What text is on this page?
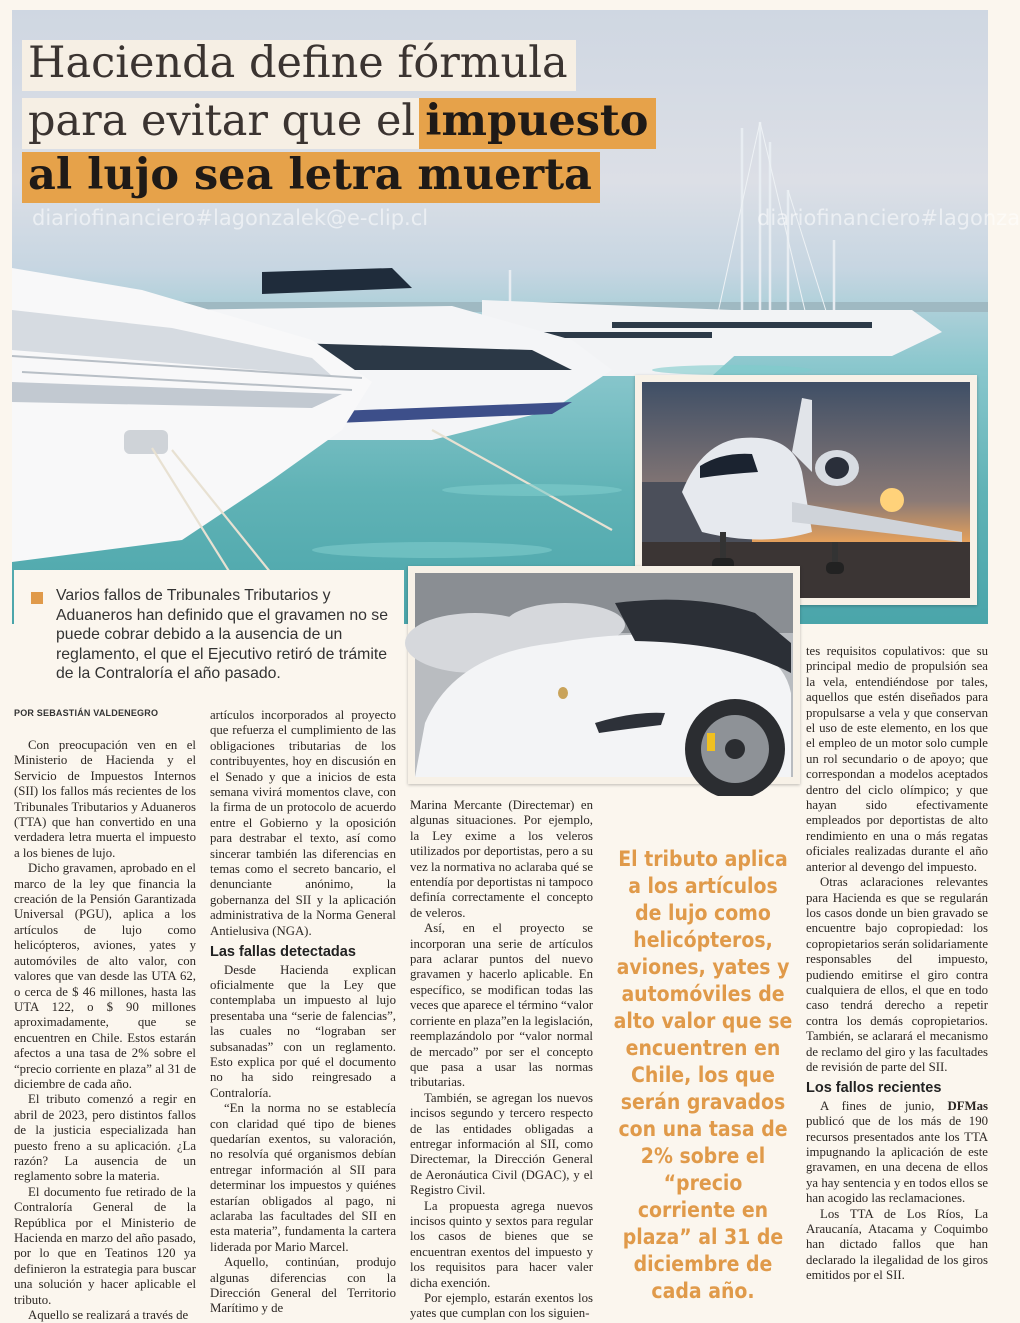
diariofinanciero#lagonzalek@e-clip.cl	diariofinanciero#lagonza
Hacienda define fórmula
para evitar que elimpuesto
al lujo sea letra muerta

Varios fallos de Tribunales Tributarios y Aduaneros han definido que el gravamen no se puede cobrar debido a la ausencia de un reglamento, el que el Ejecutivo retiró de trámite de la Contraloría el año pasado.

POR SEBASTIÁN VALDENEGRO

Con preocupación ven en el Ministerio de Hacienda y el Servicio de Impuestos Internos (SII) los fallos más recientes de los Tribunales Tributarios y Aduaneros (TTA) que han convertido en una verdadera letra muerta el impuesto a los bienes de lujo.

Dicho gravamen, aprobado en el marco de la ley que financia la creación de la Pensión Garantizada Universal (PGU), aplica a los artículos de lujo como helicópteros, aviones, yates y automóviles de alto valor, con valores que van desde las UTA 62, o cerca de $ 46 millones, hasta las UTA 122, o $ 90 millones aproximadamente, que se encuentren en Chile. Estos estarán afectos a una tasa de 2% sobre el “precio corriente en plaza” al 31 de diciembre de cada año.

El tributo comenzó a regir en abril de 2023, pero distintos fallos de la justicia especializada han puesto freno a su aplicación. ¿La razón? La ausencia de un reglamento sobre la materia.

El documento fue retirado de la Contraloría General de la República por el Ministerio de Hacienda en marzo del año pasado, por lo que en Teatinos 120 ya definieron la estrategia para buscar una solución y hacer aplicable el tributo.

Aquello se realizará a través de

artículos incorporados al proyecto que refuerza el cumplimiento de las obligaciones tributarias de los contribuyentes, hoy en discusión en el Senado y que a inicios de esta semana vivirá momentos clave, con la firma de un protocolo de acuerdo entre el Gobierno y la oposición para destrabar el texto, así como sincerar también las diferencias en temas como el secreto bancario, el denunciante anónimo, la gobernanza del SII y la aplicación administrativa de la Norma General Antielusiva (NGA).

Las fallas detectadas

Desde Hacienda explican oficialmente que la Ley que contemplaba un impuesto al lujo presentaba una “serie de falencias”, las cuales no “lograban ser subsanadas” con un reglamento. Esto explica por qué el documento no ha sido reingresado a Contraloría.

“En la norma no se establecía con claridad qué tipo de bienes quedarían exentos, su valoración, no resolvía qué organismos debían entregar información al SII para determinar los impuestos y quiénes estarían obligados al pago, ni aclaraba las facultades del SII en esta materia”, fundamenta la cartera liderada por Mario Marcel.

Aquello, continúan, produjo algunas diferencias con la Dirección General del Territorio Marítimo y de

Marina Mercante (Directemar) en algunas situaciones. Por ejemplo, la Ley exime a los veleros utilizados por deportistas, pero a su vez la normativa no aclaraba qué se entendía por deportistas ni tampoco definía correctamente el concepto de veleros.

Así, en el proyecto se incorporan una serie de artículos para aclarar puntos del nuevo gravamen y hacerlo aplicable. En específico, se modifican todas las veces que aparece el término “valor corriente en plaza”en la legislación, reemplazándolo por “valor normal de mercado” por ser el concepto que pasa a usar las normas tributarias.

También, se agregan los nuevos incisos segundo y tercero respecto de las entidades obligadas a entregar información al SII, como Directemar, la Dirección General de Aeronáutica Civil (DGAC), y el Registro Civil.

La propuesta agrega nuevos incisos quinto y sextos para regular los casos de bienes que se encuentran exentos del impuesto y los requisitos para hacer valer dicha exención.

Por ejemplo, estarán exentos los yates que cumplan con los siguien-

El tributo aplica a los artículos de lujo como helicópteros, aviones, yates y automóviles de alto valor que se encuentren en Chile, los que serán gravados con una tasa de 2% sobre el “precio corriente en plaza” al 31 de diciembre de cada año.

tes requisitos copulativos: que su principal medio de propulsión sea la vela, entendiéndose por tales, aquellos que estén diseñados para propulsarse a vela y que conservan el uso de este elemento, en los que el empleo de un motor solo cumple un rol secundario o de apoyo; que correspondan a modelos aceptados dentro del ciclo olímpico; y que hayan sido efectivamente empleados por deportistas de alto rendimiento en una o más regatas oficiales realizadas durante el año anterior al devengo del impuesto.

Otras aclaraciones relevantes para Hacienda es que se regularán los casos donde un bien gravado se encuentre bajo copropiedad: los copropietarios serán solidariamente responsables del impuesto, pudiendo emitirse el giro contra cualquiera de ellos, el que en todo caso tendrá derecho a repetir contra los demás copropietarios. También, se aclarará el mecanismo de reclamo del giro y las facultades de revisión de parte del SII.

Los fallos recientes

A fines de junio, DFMas publicó que de los más de 190 recursos presentados ante los TTA impugnando la aplicación de este gravamen, en una decena de ellos ya hay sentencia y en todos ellos se han acogido las reclamaciones.

Los TTA de Los Ríos, La Araucanía, Atacama y Coquimbo han dictado fallos que han declarado la ilegalidad de los giros emitidos por el SII.
